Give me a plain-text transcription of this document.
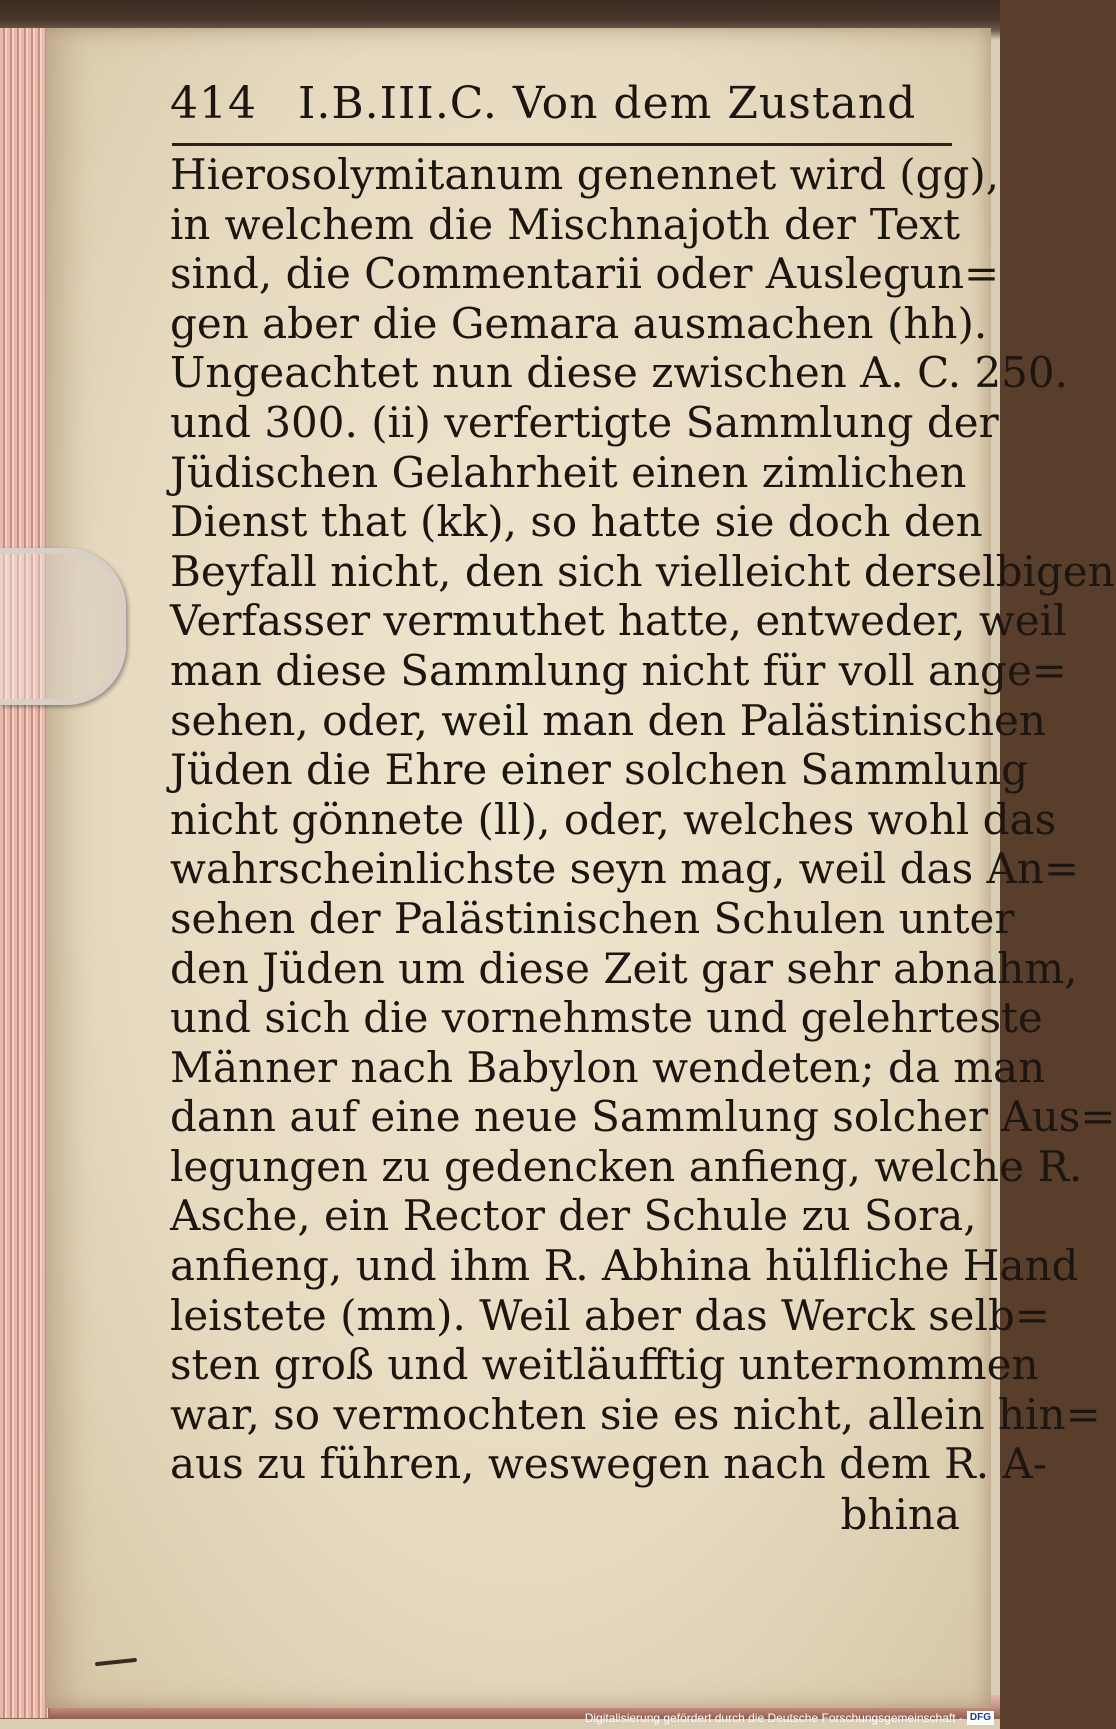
414 I.B.III.C. Von dem Zustand
Hierosolymitanum genennet wird (gg),
in welchem die Mischnajoth der Text
sind, die Commentarii oder Auslegun=
gen aber die Gemara ausmachen (hh).
Ungeachtet nun diese zwischen A. C. 250.
und 300. (ii) verfertigte Sammlung der
Jüdischen Gelahrheit einen zimlichen
Dienst that (kk), so hatte sie doch den
Beyfall nicht, den sich vielleicht derselbigen
Verfasser vermuthet hatte, entweder, weil
man diese Sammlung nicht für voll ange=
sehen, oder, weil man den Palästinischen
Jüden die Ehre einer solchen Sammlung
nicht gönnete (ll), oder, welches wohl das
wahrscheinlichste seyn mag, weil das An=
sehen der Palästinischen Schulen unter
den Jüden um diese Zeit gar sehr abnahm,
und sich die vornehmste und gelehrteste
Männer nach Babylon wendeten; da man
dann auf eine neue Sammlung solcher Aus=
legungen zu gedencken anfieng, welche R.
Asche, ein Rector der Schule zu Sora,
anfieng, und ihm R. Abhina hülfliche Hand
leistete (mm). Weil aber das Werck selb=
sten groß und weitläufftig unternommen
war, so vermochten sie es nicht, allein hin=
aus zu führen, weswegen nach dem R. A-
bhina
Digitalisierung gefördert durch die Deutsche Forschungsgemeinschaft - DFG
